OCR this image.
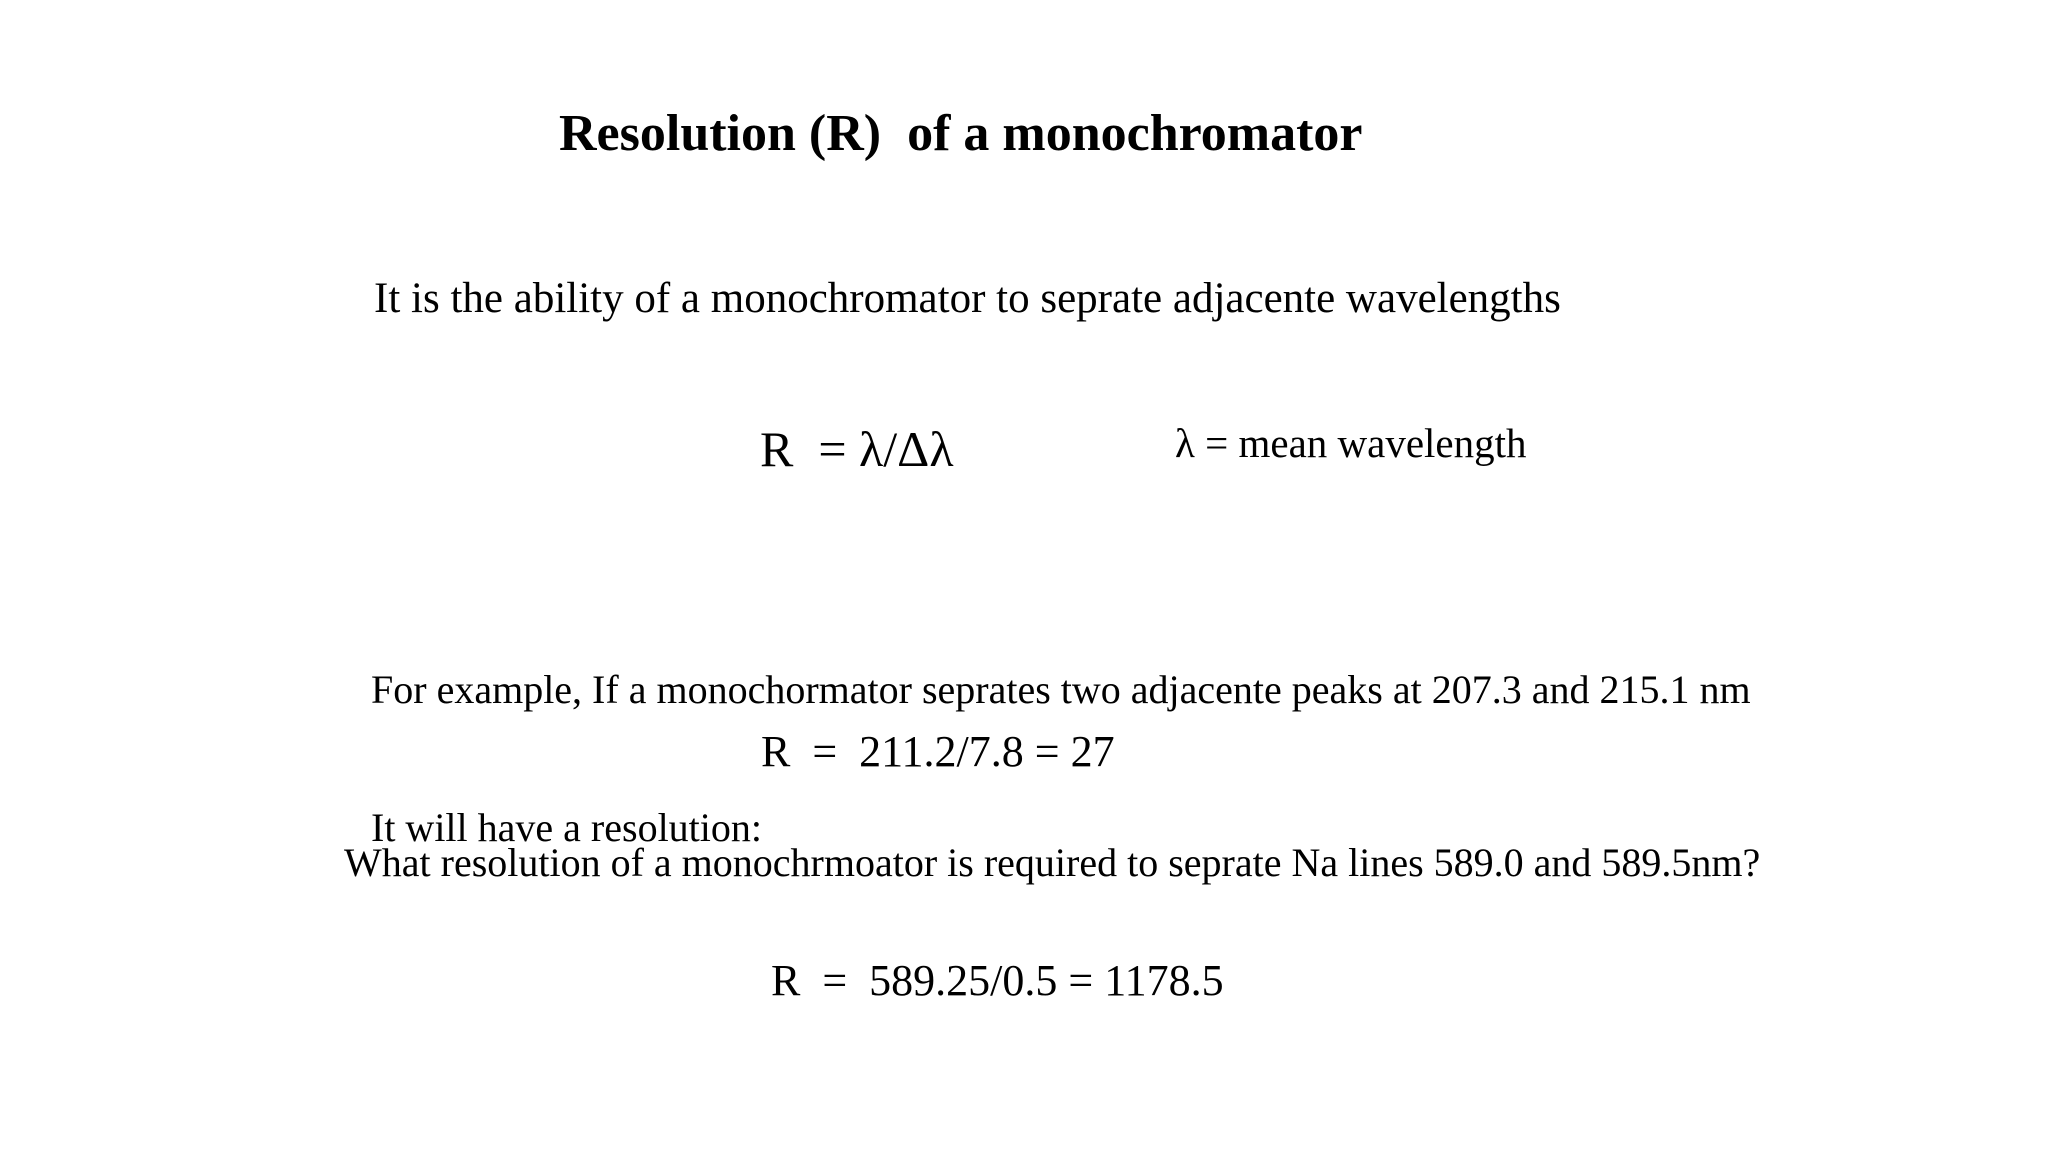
Resolution (R)  of a monochromator

It is the ability of a monochromator to seprate adjacente wavelengths

R  = λ/Δλ	λ = mean wavelength

For example, If a monochormator seprates two adjacente peaks at 207.3 and 215.1 nm

It will have a resolution:

R  =  211.2/7.8 = 27

What resolution of a monochrmoator is required to seprate Na lines 589.0 and 589.5nm?

R  =  589.25/0.5 = 1178.5
